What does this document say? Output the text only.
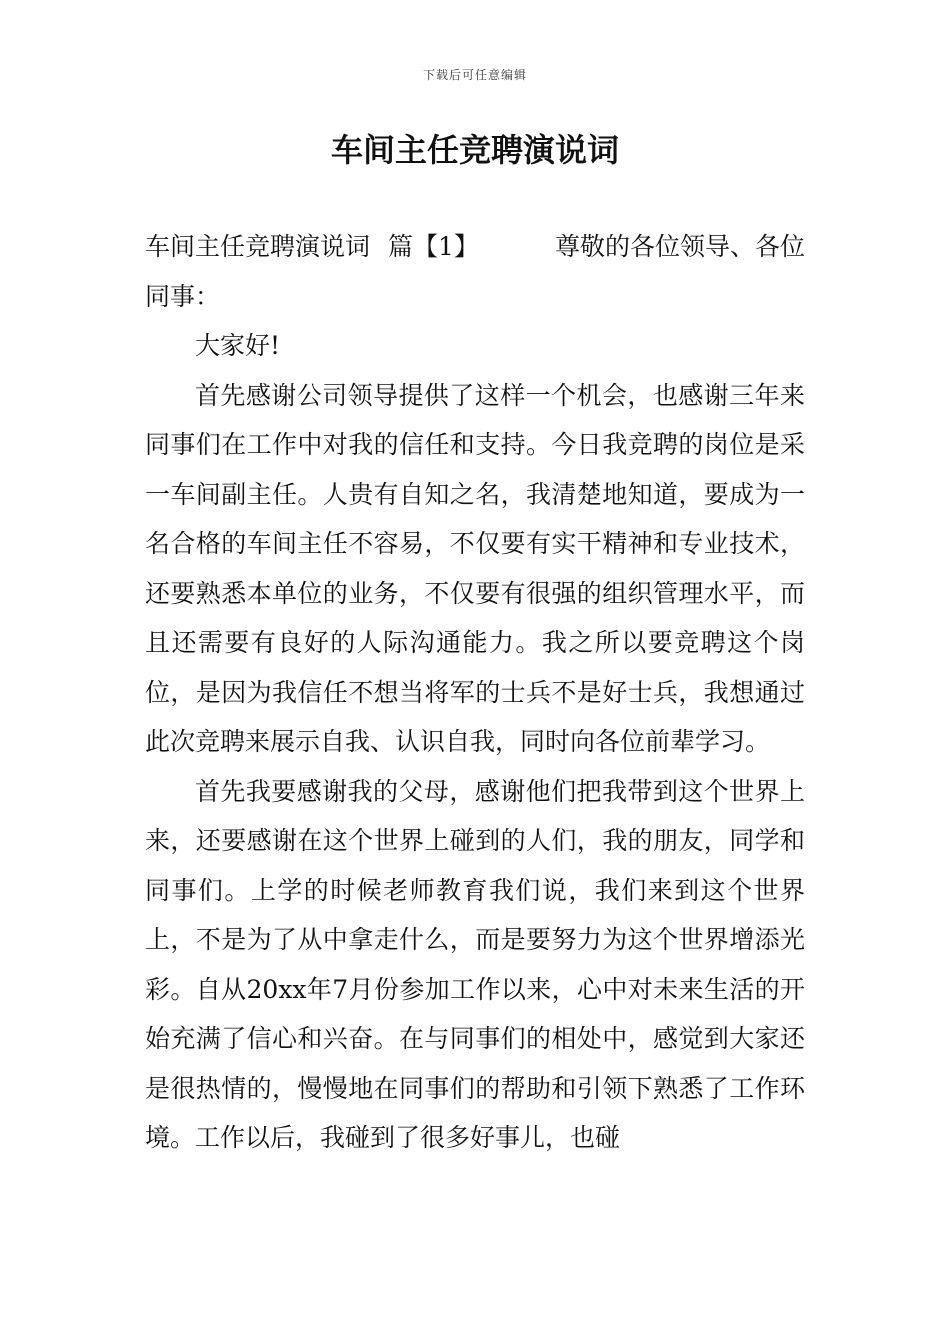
下载后可任意编辑
车间主任竞聘演说词
车间主任竞聘演说词 篇【1】	尊敬的各位领导、各位

同事：

大家好!

首先感谢公司领导提供了这样一个机会，也感谢三年来同事们在工作中对我的信任和支持。今日我竞聘的岗位是采一车间副主任。人贵有自知之名，我清楚地知道，要成为一名合格的车间主任不容易，不仅要有实干精神和专业技术，还要熟悉本单位的业务，不仅要有很强的组织管理水平，而且还需要有良好的人际沟通能力。我之所以要竞聘这个岗位，是因为我信任不想当将军的士兵不是好士兵，我想通过此次竞聘来展示自我、认识自我，同时向各位前辈学习。

首先我要感谢我的父母，感谢他们把我带到这个世界上来，还要感谢在这个世界上碰到的人们，我的朋友，同学和同事们。上学的时候老师教育我们说，我们来到这个世界上，不是为了从中拿走什么，而是要努力为这个世界增添光彩。自从20xx年7月份参加工作以来，心中对未来生活的开始充满了信心和兴奋。在与同事们的相处中，感觉到大家还是很热情的，慢慢地在同事们的帮助和引领下熟悉了工作环境。工作以后，我碰到了很多好事儿，也碰
